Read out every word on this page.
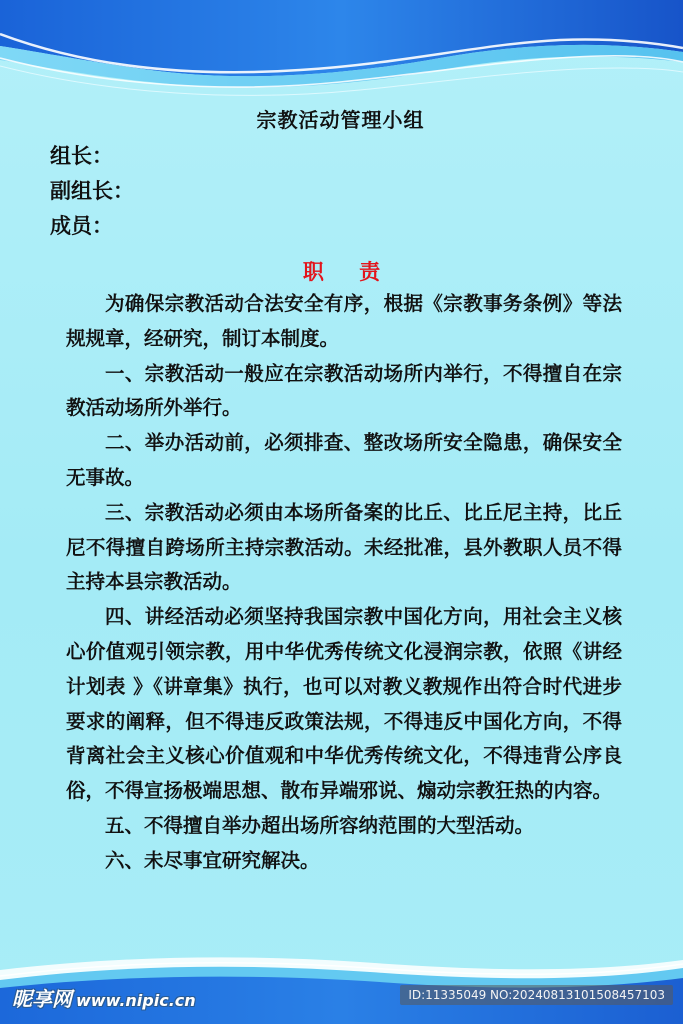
宗教活动管理小组

组长：

副组长：

成员：

职 责

为确保宗教活动合法安全有序，根据《宗教事务条例》等法规规章，经研究，制订本制度。

一、宗教活动一般应在宗教活动场所内举行，不得擅自在宗教活动场所外举行。

二、举办活动前，必须排查、整改场所安全隐患，确保安全无事故。

三、宗教活动必须由本场所备案的比丘、比丘尼主持，比丘尼不得擅自跨场所主持宗教活动。未经批准，县外教职人员不得主持本县宗教活动。

四、讲经活动必须坚持我国宗教中国化方向，用社会主义核心价值观引领宗教，用中华优秀传统文化浸润宗教，依照《讲经计划表 》《讲章集》执行，也可以对教义教规作出符合时代进步要求的阐释，但不得违反政策法规，不得违反中国化方向，不得背离社会主义核心价值观和中华优秀传统文化，不得违背公序良俗，不得宣扬极端思想、散布异端邪说、煽动宗教狂热的内容。

五、不得擅自举办超出场所容纳范围的大型活动。

六、未尽事宜研究解决。

昵享网 www.nipic.cn	ID:11335049 NO:20240813101508457103
